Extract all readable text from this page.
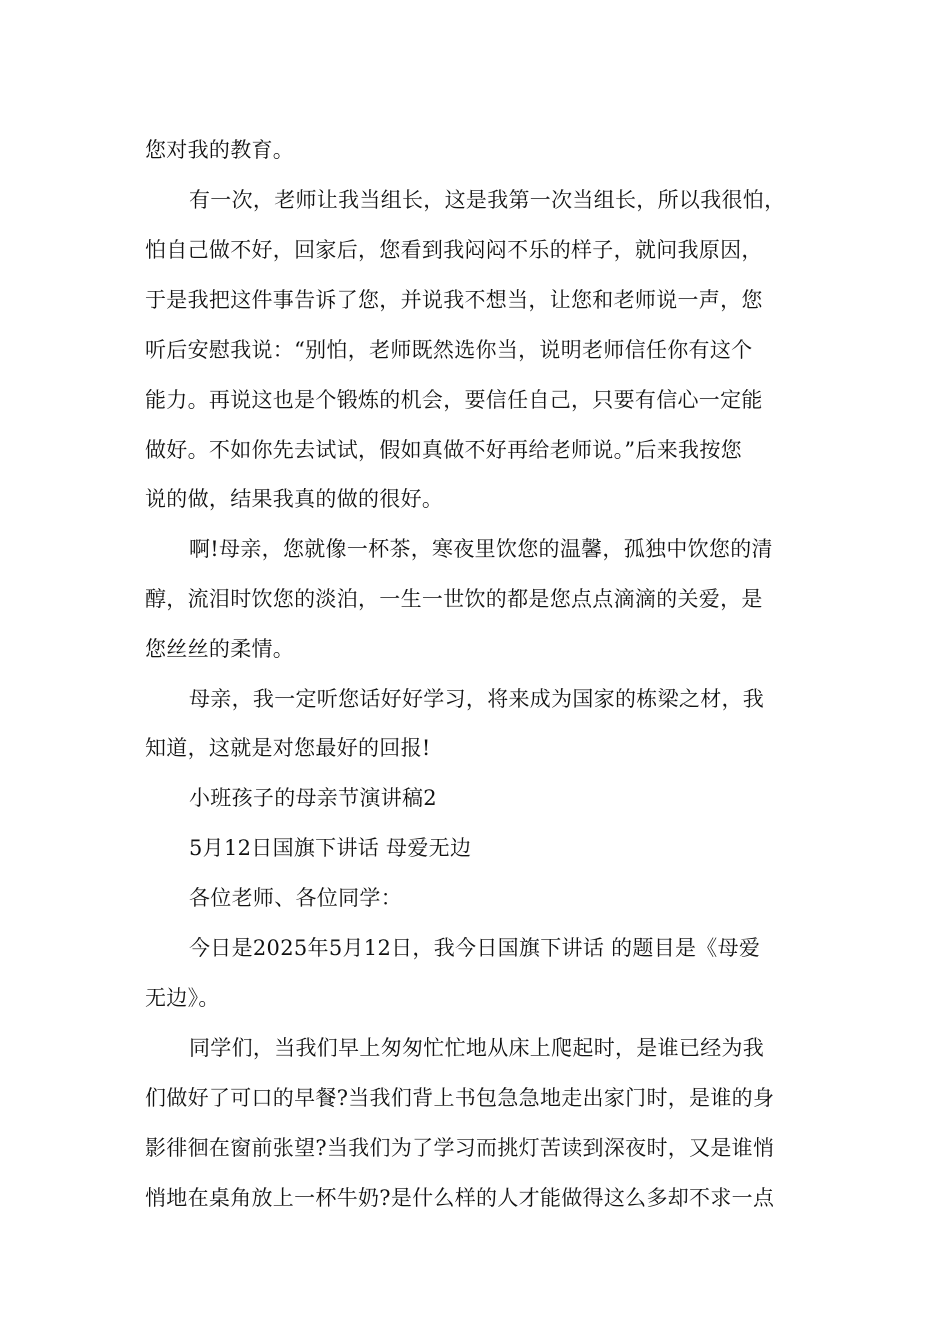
您对我的教育。
有一次，老师让我当组长，这是我第一次当组长，所以我很怕，
怕自己做不好，回家后，您看到我闷闷不乐的样子，就问我原因，
于是我把这件事告诉了您，并说我不想当，让您和老师说一声，您
听后安慰我说：“别怕，老师既然选你当，说明老师信任你有这个
能力。再说这也是个锻炼的机会，要信任自己，只要有信心一定能
做好。不如你先去试试，假如真做不好再给老师说。”后来我按您
说的做，结果我真的做的很好。
啊!母亲，您就像一杯茶，寒夜里饮您的温馨，孤独中饮您的清
醇，流泪时饮您的淡泊，一生一世饮的都是您点点滴滴的关爱，是
您丝丝的柔情。
母亲，我一定听您话好好学习，将来成为国家的栋梁之材，我
知道，这就是对您最好的回报!
小班孩子的母亲节演讲稿2
5月12日国旗下讲话 母爱无边
各位老师、各位同学：
今日是2025年5月12日，我今日国旗下讲话 的题目是《母爱
无边》。
同学们，当我们早上匆匆忙忙地从床上爬起时，是谁已经为我
们做好了可口的早餐?当我们背上书包急急地走出家门时，是谁的身
影徘徊在窗前张望?当我们为了学习而挑灯苦读到深夜时，又是谁悄
悄地在桌角放上一杯牛奶?是什么样的人才能做得这么多却不求一点
